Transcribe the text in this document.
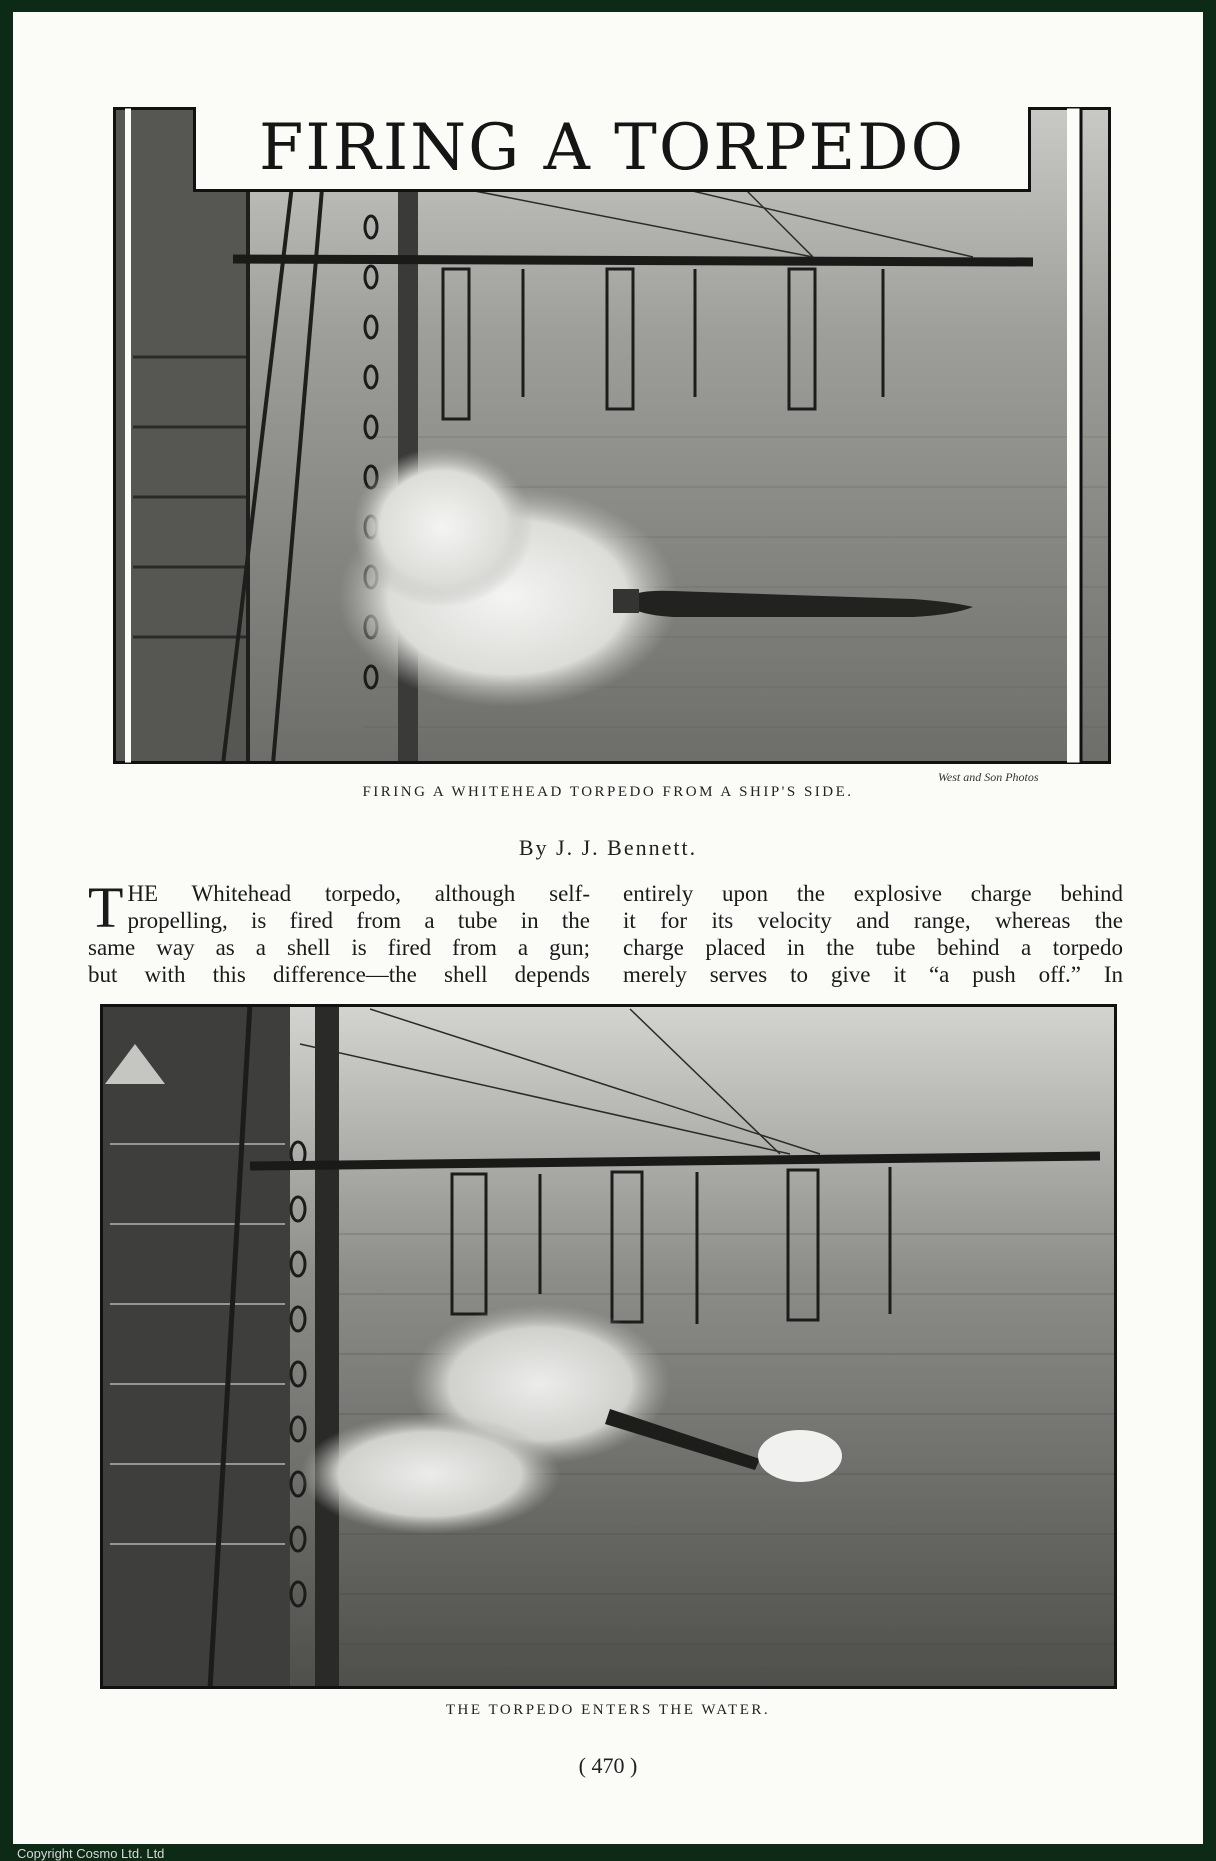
FIRING A TORPEDO
FIRING A WHITEHEAD TORPEDO FROM A SHIP'S SIDE.
West and Son Photos
By J. J. Bennett.
T HE Whitehead torpedo, although self-
propelling, is fired from a tube in the
same way as a shell is fired from a gun;
but with this difference—the shell depends
entirely upon the explosive charge behind
it for its velocity and range, whereas the
charge placed in the tube behind a torpedo
merely serves to give it “a push off.” In
THE TORPEDO ENTERS THE WATER.
( 470 )
Copyright Cosmo Ltd. Ltd
